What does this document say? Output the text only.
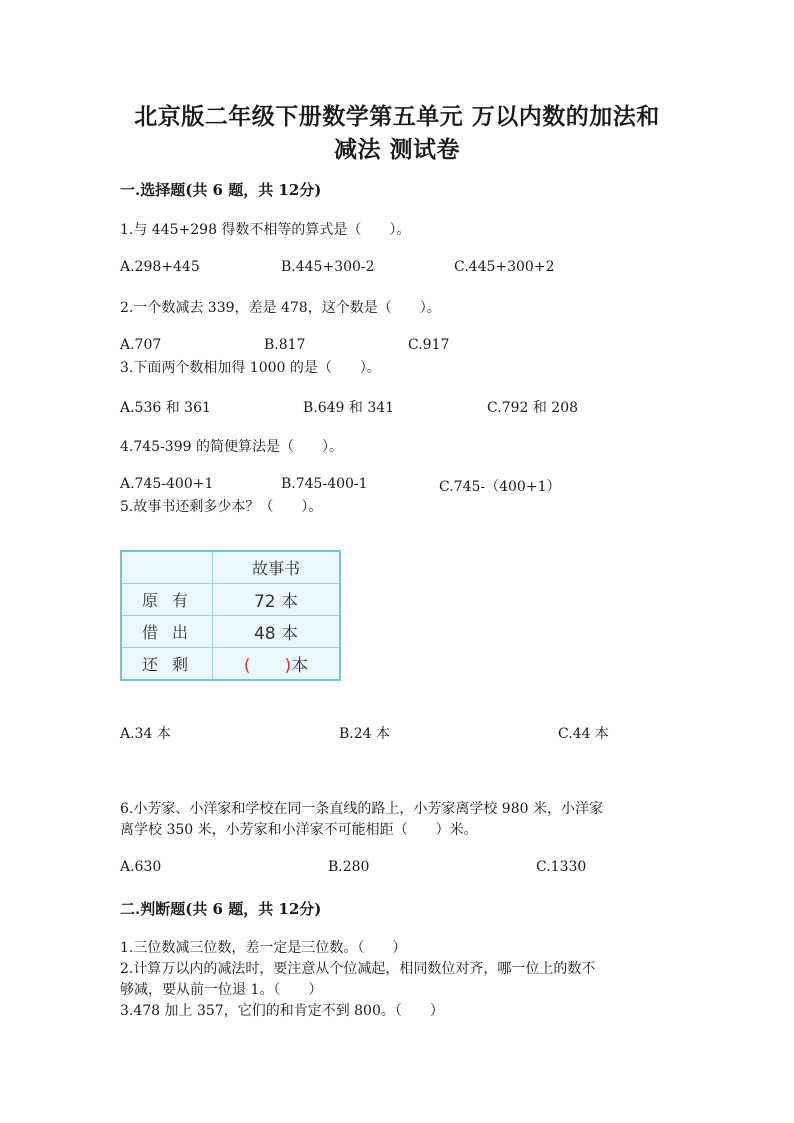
北京版二年级下册数学第五单元 万以内数的加法和
减法 测试卷
一.选择题(共 6 题，共 12分)
1.与 445+298 得数不相等的算式是（　　）。
A.298+445	B.445+300-2	C.445+300+2
2.一个数减去 339，差是 478，这个数是（　　）。
A.707	B.817	C.917
3.下面两个数相加得 1000 的是（　　）。
A.536 和 361	B.649 和 341	C.792 和 208
4.745-399 的简便算法是（　　）。
A.745-400+1	B.745-400-1	C.745-（400+1）
5.故事书还剩多少本？（　　）。
	故事书
原有	72 本
借出	48 本
还剩	(　　)本
A.34 本	B.24 本	C.44 本
6.小芳家、小洋家和学校在同一条直线的路上，小芳家离学校 980 米，小洋家
离学校 350 米，小芳家和小洋家不可能相距（　　）米。
A.630	B.280	C.1330
二.判断题(共 6 题，共 12分)
1.三位数减三位数，差一定是三位数。（　　）
2.计算万以内的减法时，要注意从个位减起，相同数位对齐，哪一位上的数不
够减，要从前一位退 1。（　　）
3.478 加上 357，它们的和肯定不到 800。（　　）
